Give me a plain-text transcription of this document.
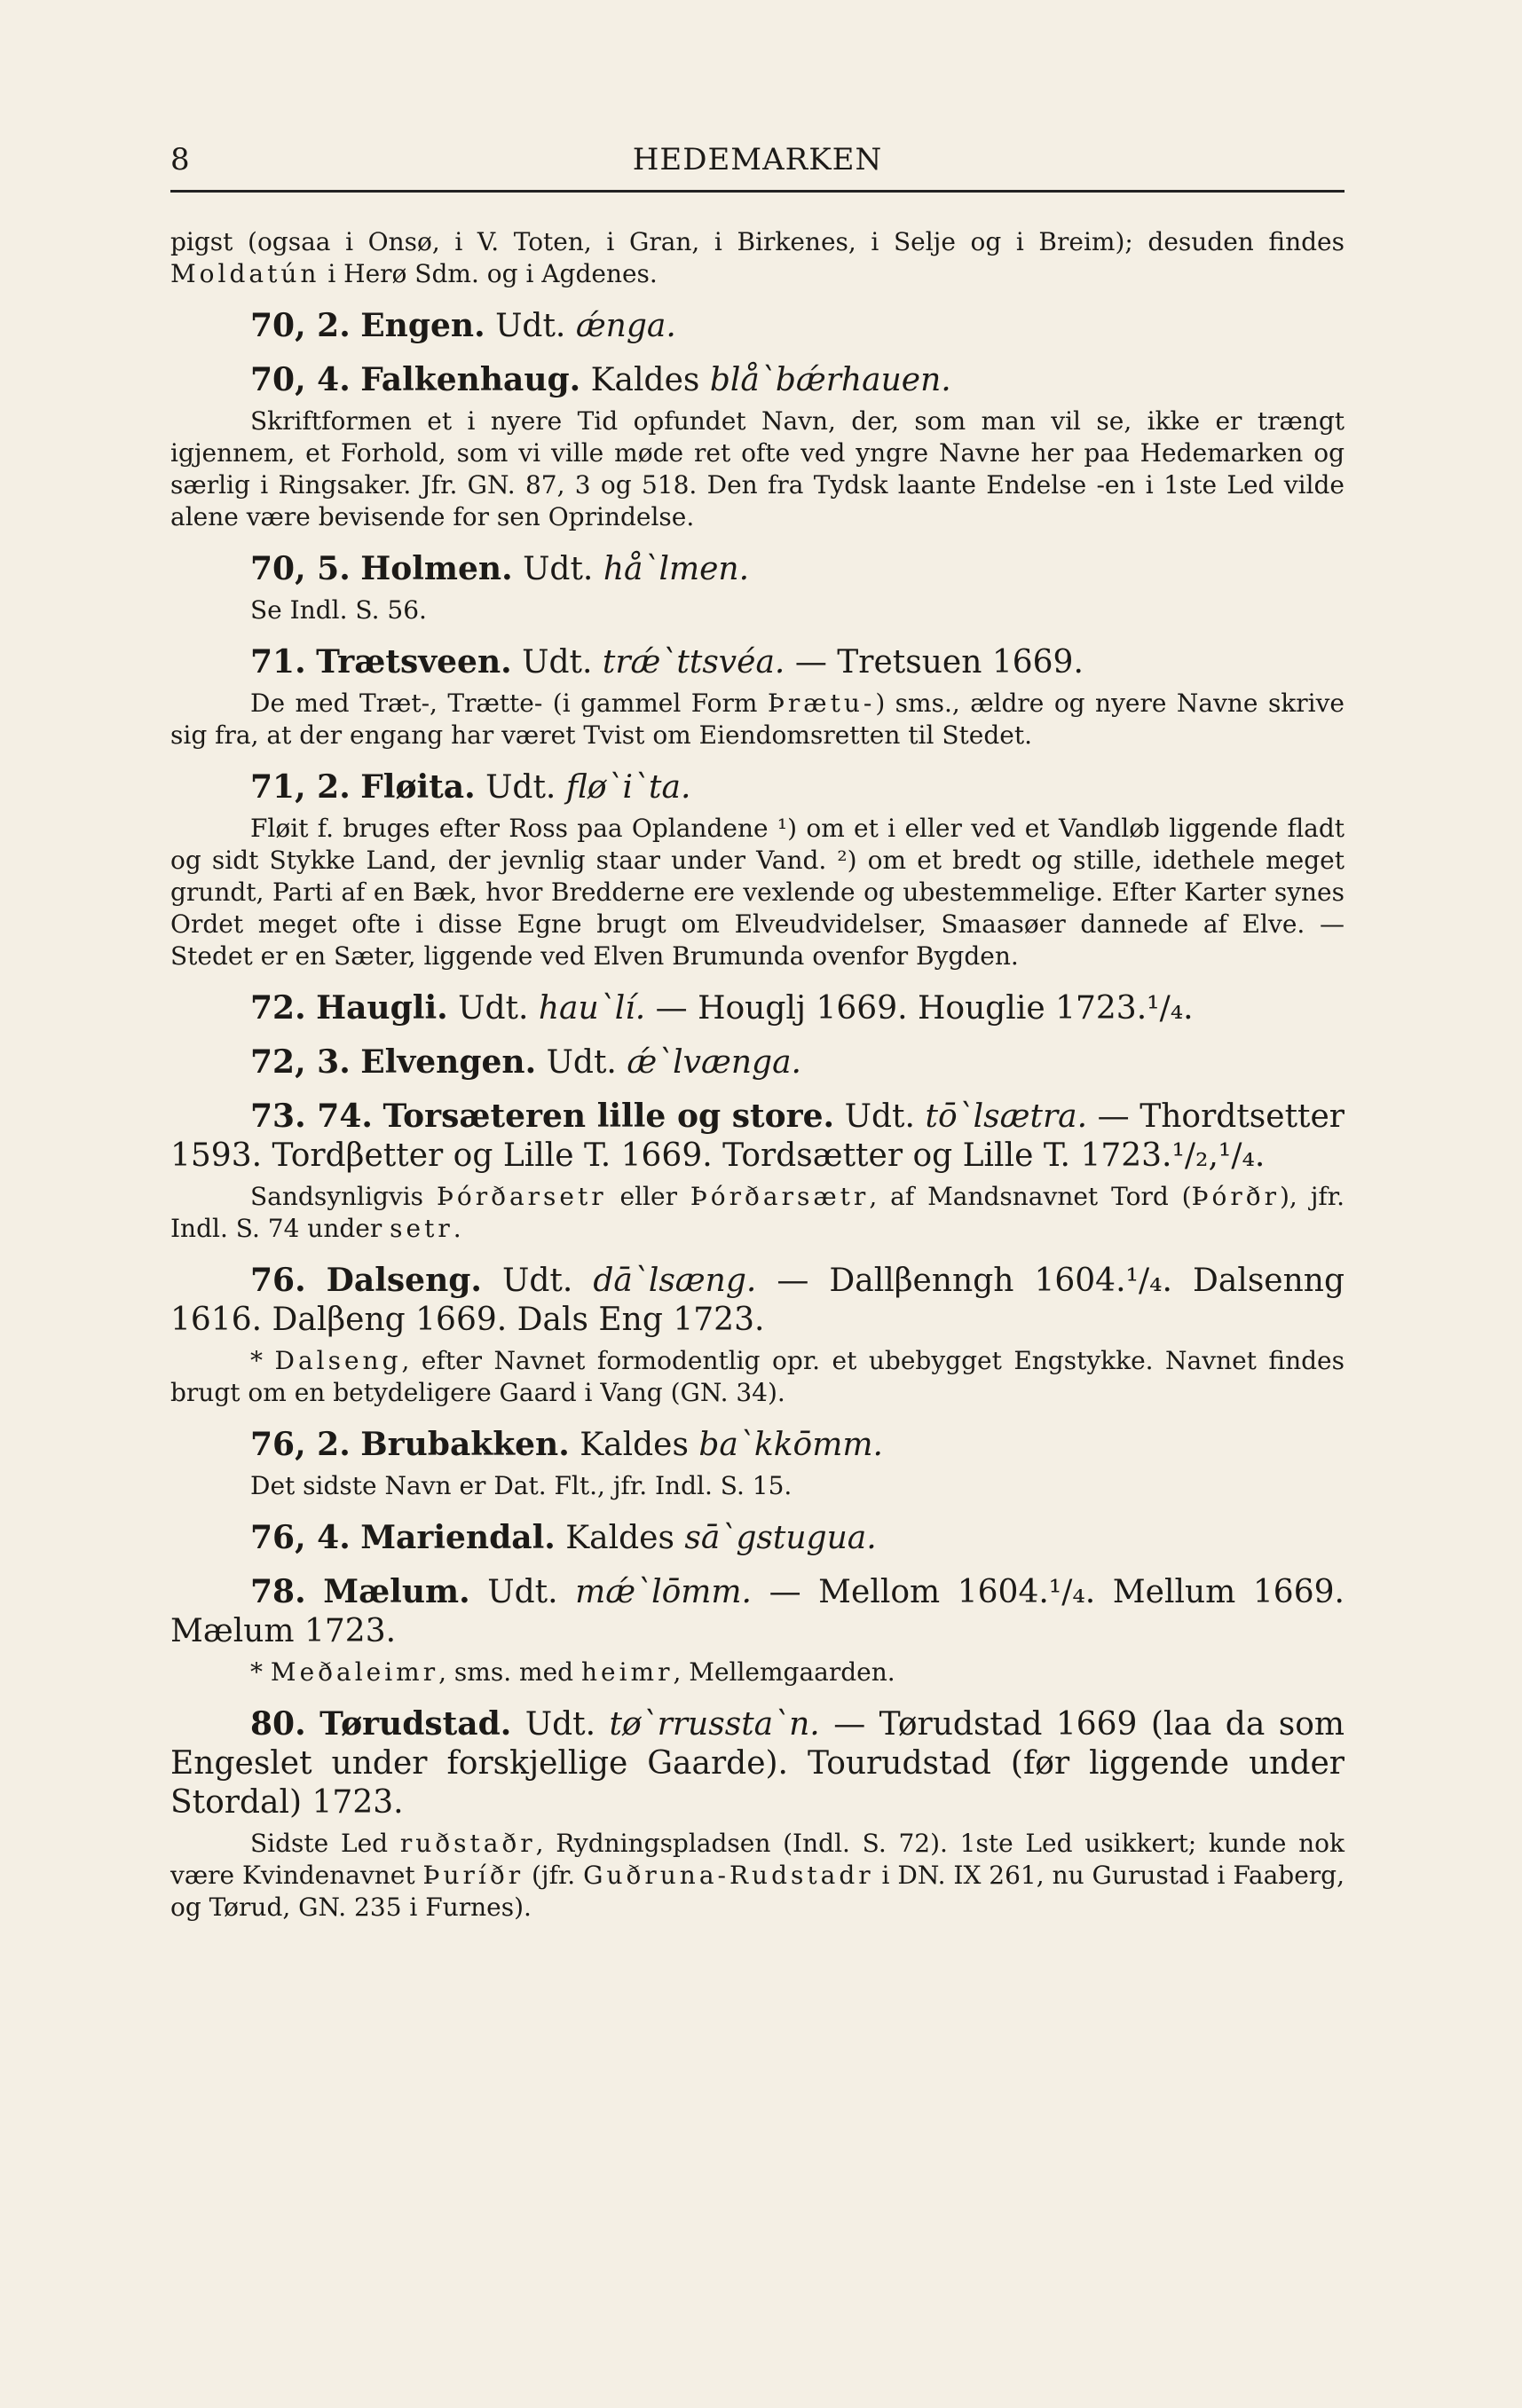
8	HEDEMARKEN

pigst (ogsaa i Onsø, i V. Toten, i Gran, i Birkenes, i Selje og i Breim); desuden findes Moldatún i Herø Sdm. og i Agdenes.

70, 2. Engen. Udt. ǽnga.

70, 4. Falkenhaug. Kaldes blå`bǽrhauen.

Skriftformen et i nyere Tid opfundet Navn, der, som man vil se, ikke er trængt igjennem, et Forhold, som vi ville møde ret ofte ved yngre Navne her paa Hedemarken og særlig i Ringsaker. Jfr. GN. 87, 3 og 518. Den fra Tydsk laante Endelse -en i 1ste Led vilde alene være bevisende for sen Oprindelse.

70, 5. Holmen. Udt. hå`lmen.

Se Indl. S. 56.

71. Trætsveen. Udt. trǽ`ttsvéa. — Tretsuen 1669.

De med Træt-, Trætte- (i gammel Form Þrætu-) sms., ældre og nyere Navne skrive sig fra, at der engang har været Tvist om Eiendomsretten til Stedet.

71, 2. Fløita. Udt. flø`i`ta.

Fløit f. bruges efter Ross paa Oplandene ¹) om et i eller ved et Vandløb liggende fladt og sidt Stykke Land, der jevnlig staar under Vand. ²) om et bredt og stille, idethele meget grundt, Parti af en Bæk, hvor Bredderne ere vexlende og ubestemmelige. Efter Karter synes Ordet meget ofte i disse Egne brugt om Elveudvidelser, Smaasøer dannede af Elve. — Stedet er en Sæter, liggende ved Elven Brumunda ovenfor Bygden.

72. Haugli. Udt. hau`lí. — Houglj 1669. Houglie 1723.¹/₄.

72, 3. Elvengen. Udt. ǽ`lvænga.

73. 74. Torsæteren lille og store. Udt. tō`lsætra. — Thordtsetter 1593. Tordβetter og Lille T. 1669. Tordsætter og Lille T. 1723.¹/₂,¹/₄.

Sandsynligvis Þórðarsetr eller Þórðarsætr, af Mandsnavnet Tord (Þórðr), jfr. Indl. S. 74 under setr.

76. Dalseng. Udt. dā`lsæng. — Dallβenngh 1604.¹/₄. Dalsenng 1616. Dalβeng 1669. Dals Eng 1723.

* Dalseng, efter Navnet formodentlig opr. et ubebygget Engstykke. Navnet findes brugt om en betydeligere Gaard i Vang (GN. 34).

76, 2. Brubakken. Kaldes ba`kkōmm.

Det sidste Navn er Dat. Flt., jfr. Indl. S. 15.

76, 4. Mariendal. Kaldes sā`gstugua.

78. Mælum. Udt. mǽ`lōmm. — Mellom 1604.¹/₄. Mellum 1669. Mælum 1723.

* Meðaleimr, sms. med heimr, Mellemgaarden.

80. Tørudstad. Udt. tø`rrussta`n. — Tørudstad 1669 (laa da som Engeslet under forskjellige Gaarde). Tourudstad (før liggende under Stordal) 1723.

Sidste Led ruðstaðr, Rydningspladsen (Indl. S. 72). 1ste Led usikkert; kunde nok være Kvindenavnet Þuríðr (jfr. Guðruna-Rudstadr i DN. IX 261, nu Gurustad i Faaberg, og Tørud, GN. 235 i Furnes).
